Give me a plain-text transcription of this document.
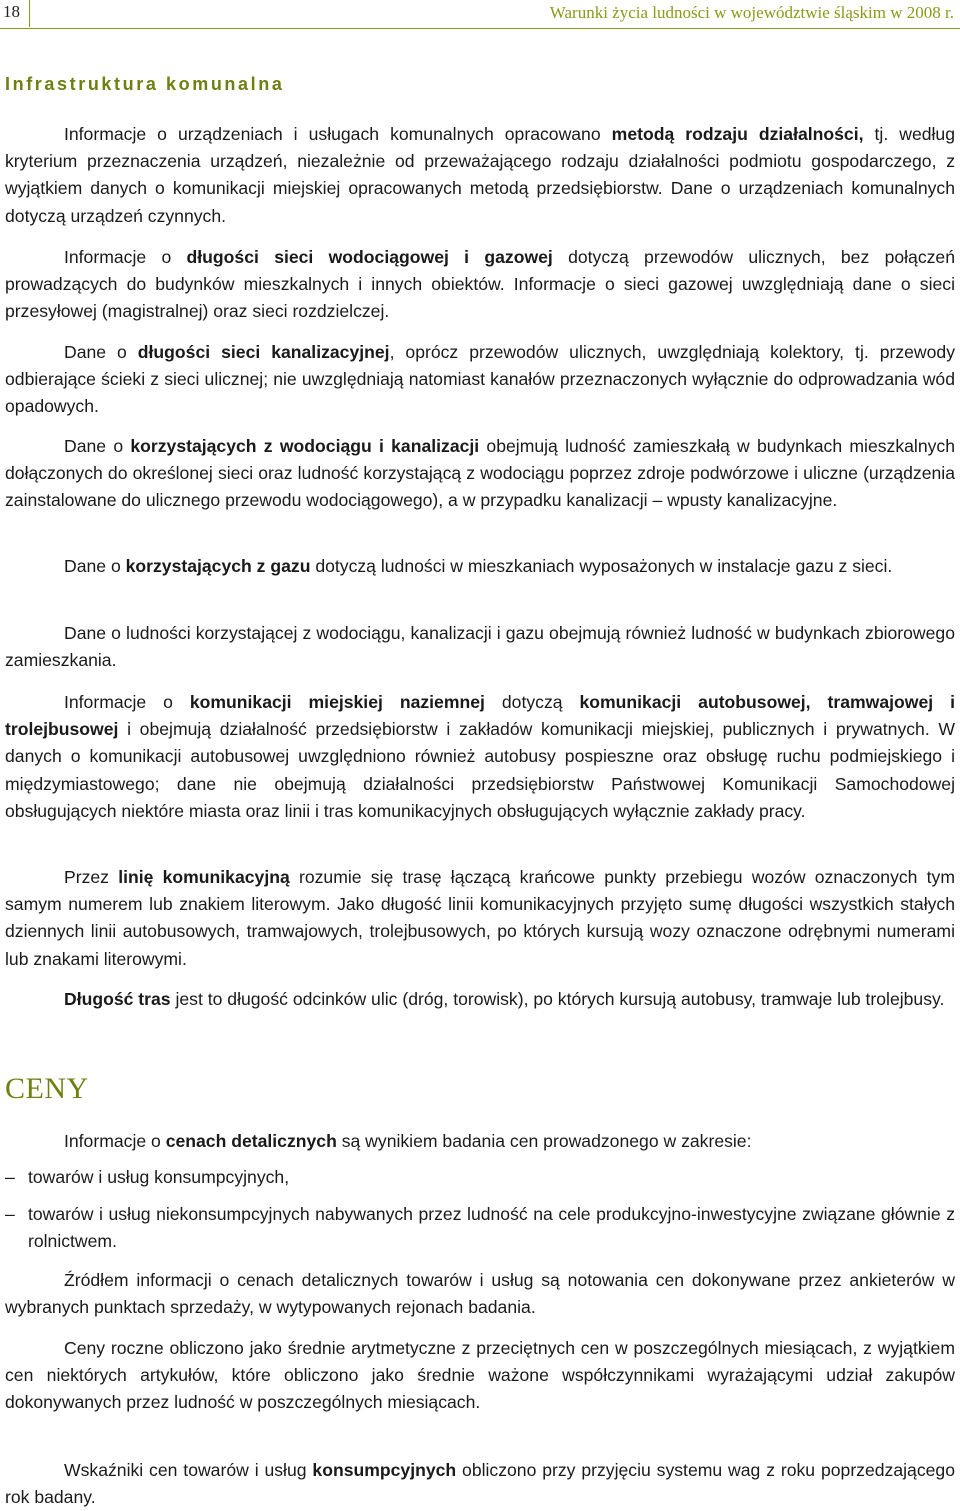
18	Warunki życia ludności w województwie śląskim w 2008 r.
Infrastruktura komunalna

Informacje o urządzeniach i usługach komunalnych opracowano metodą rodzaju działalności, tj. według kryterium przeznaczenia urządzeń, niezależnie od przeważającego rodzaju działalności podmiotu gospodarczego, z wyjątkiem danych o komunikacji miejskiej opracowanych metodą przedsiębiorstw. Dane o urządzeniach komunalnych dotyczą urządzeń czynnych.

Informacje o długości sieci wodociągowej i gazowej dotyczą przewodów ulicznych, bez połączeń prowadzących do budynków mieszkalnych i innych obiektów. Informacje o sieci gazowej uwzględniają dane o sieci przesyłowej (magistralnej) oraz sieci rozdzielczej.

Dane o długości sieci kanalizacyjnej, oprócz przewodów ulicznych, uwzględniają kolektory, tj. przewody odbierające ścieki z sieci ulicznej; nie uwzględniają natomiast kanałów przeznaczonych wyłącznie do odprowadzania wód opadowych.

Dane o korzystających z wodociągu i kanalizacji obejmują ludność zamieszkałą w budynkach mieszkalnych dołączonych do określonej sieci oraz ludność korzystającą z wodociągu poprzez zdroje podwórzowe i uliczne (urządzenia zainstalowane do ulicznego przewodu wodociągowego), a w przypadku kanalizacji – wpusty kanalizacyjne.

Dane o korzystających z gazu dotyczą ludności w mieszkaniach wyposażonych w instalacje gazu z sieci.

Dane o ludności korzystającej z wodociągu, kanalizacji i gazu obejmują również ludność w budynkach zbiorowego zamieszkania.

Informacje o komunikacji miejskiej naziemnej dotyczą komunikacji autobusowej, tramwajowej i trolejbusowej i obejmują działalność przedsiębiorstw i zakładów komunikacji miejskiej, publicznych i prywatnych. W danych o komunikacji autobusowej uwzględniono również autobusy pospieszne oraz obsługę ruchu podmiejskiego i międzymiastowego; dane nie obejmują działalności przedsiębiorstw Państwowej Komunikacji Samochodowej obsługujących niektóre miasta oraz linii i tras komunikacyjnych obsługujących wyłącznie zakłady pracy.

Przez linię komunikacyjną rozumie się trasę łączącą krańcowe punkty przebiegu wozów oznaczonych tym samym numerem lub znakiem literowym. Jako długość linii komunikacyjnych przyjęto sumę długości wszystkich stałych dziennych linii autobusowych, tramwajowych, trolejbusowych, po których kursują wozy oznaczone odrębnymi numerami lub znakami literowymi.

Długość tras jest to długość odcinków ulic (dróg, torowisk), po których kursują autobusy, tramwaje lub trolejbusy.

CENY

Informacje o cenach detalicznych są wynikiem badania cen prowadzonego w zakresie:

– towarów i usług konsumpcyjnych,
– towarów i usług niekonsumpcyjnych nabywanych przez ludność na cele produkcyjno-inwestycyjne związane głównie z rolnictwem.

Źródłem informacji o cenach detalicznych towarów i usług są notowania cen dokonywane przez ankieterów w wybranych punktach sprzedaży, w wytypowanych rejonach badania.

Ceny roczne obliczono jako średnie arytmetyczne z przeciętnych cen w poszczególnych miesiącach, z wyjątkiem cen niektórych artykułów, które obliczono jako średnie ważone współczynnikami wyrażającymi udział zakupów dokonywanych przez ludność w poszczególnych miesiącach.

Wskaźniki cen towarów i usług konsumpcyjnych obliczono przy przyjęciu systemu wag z roku poprzedzającego rok badany.
